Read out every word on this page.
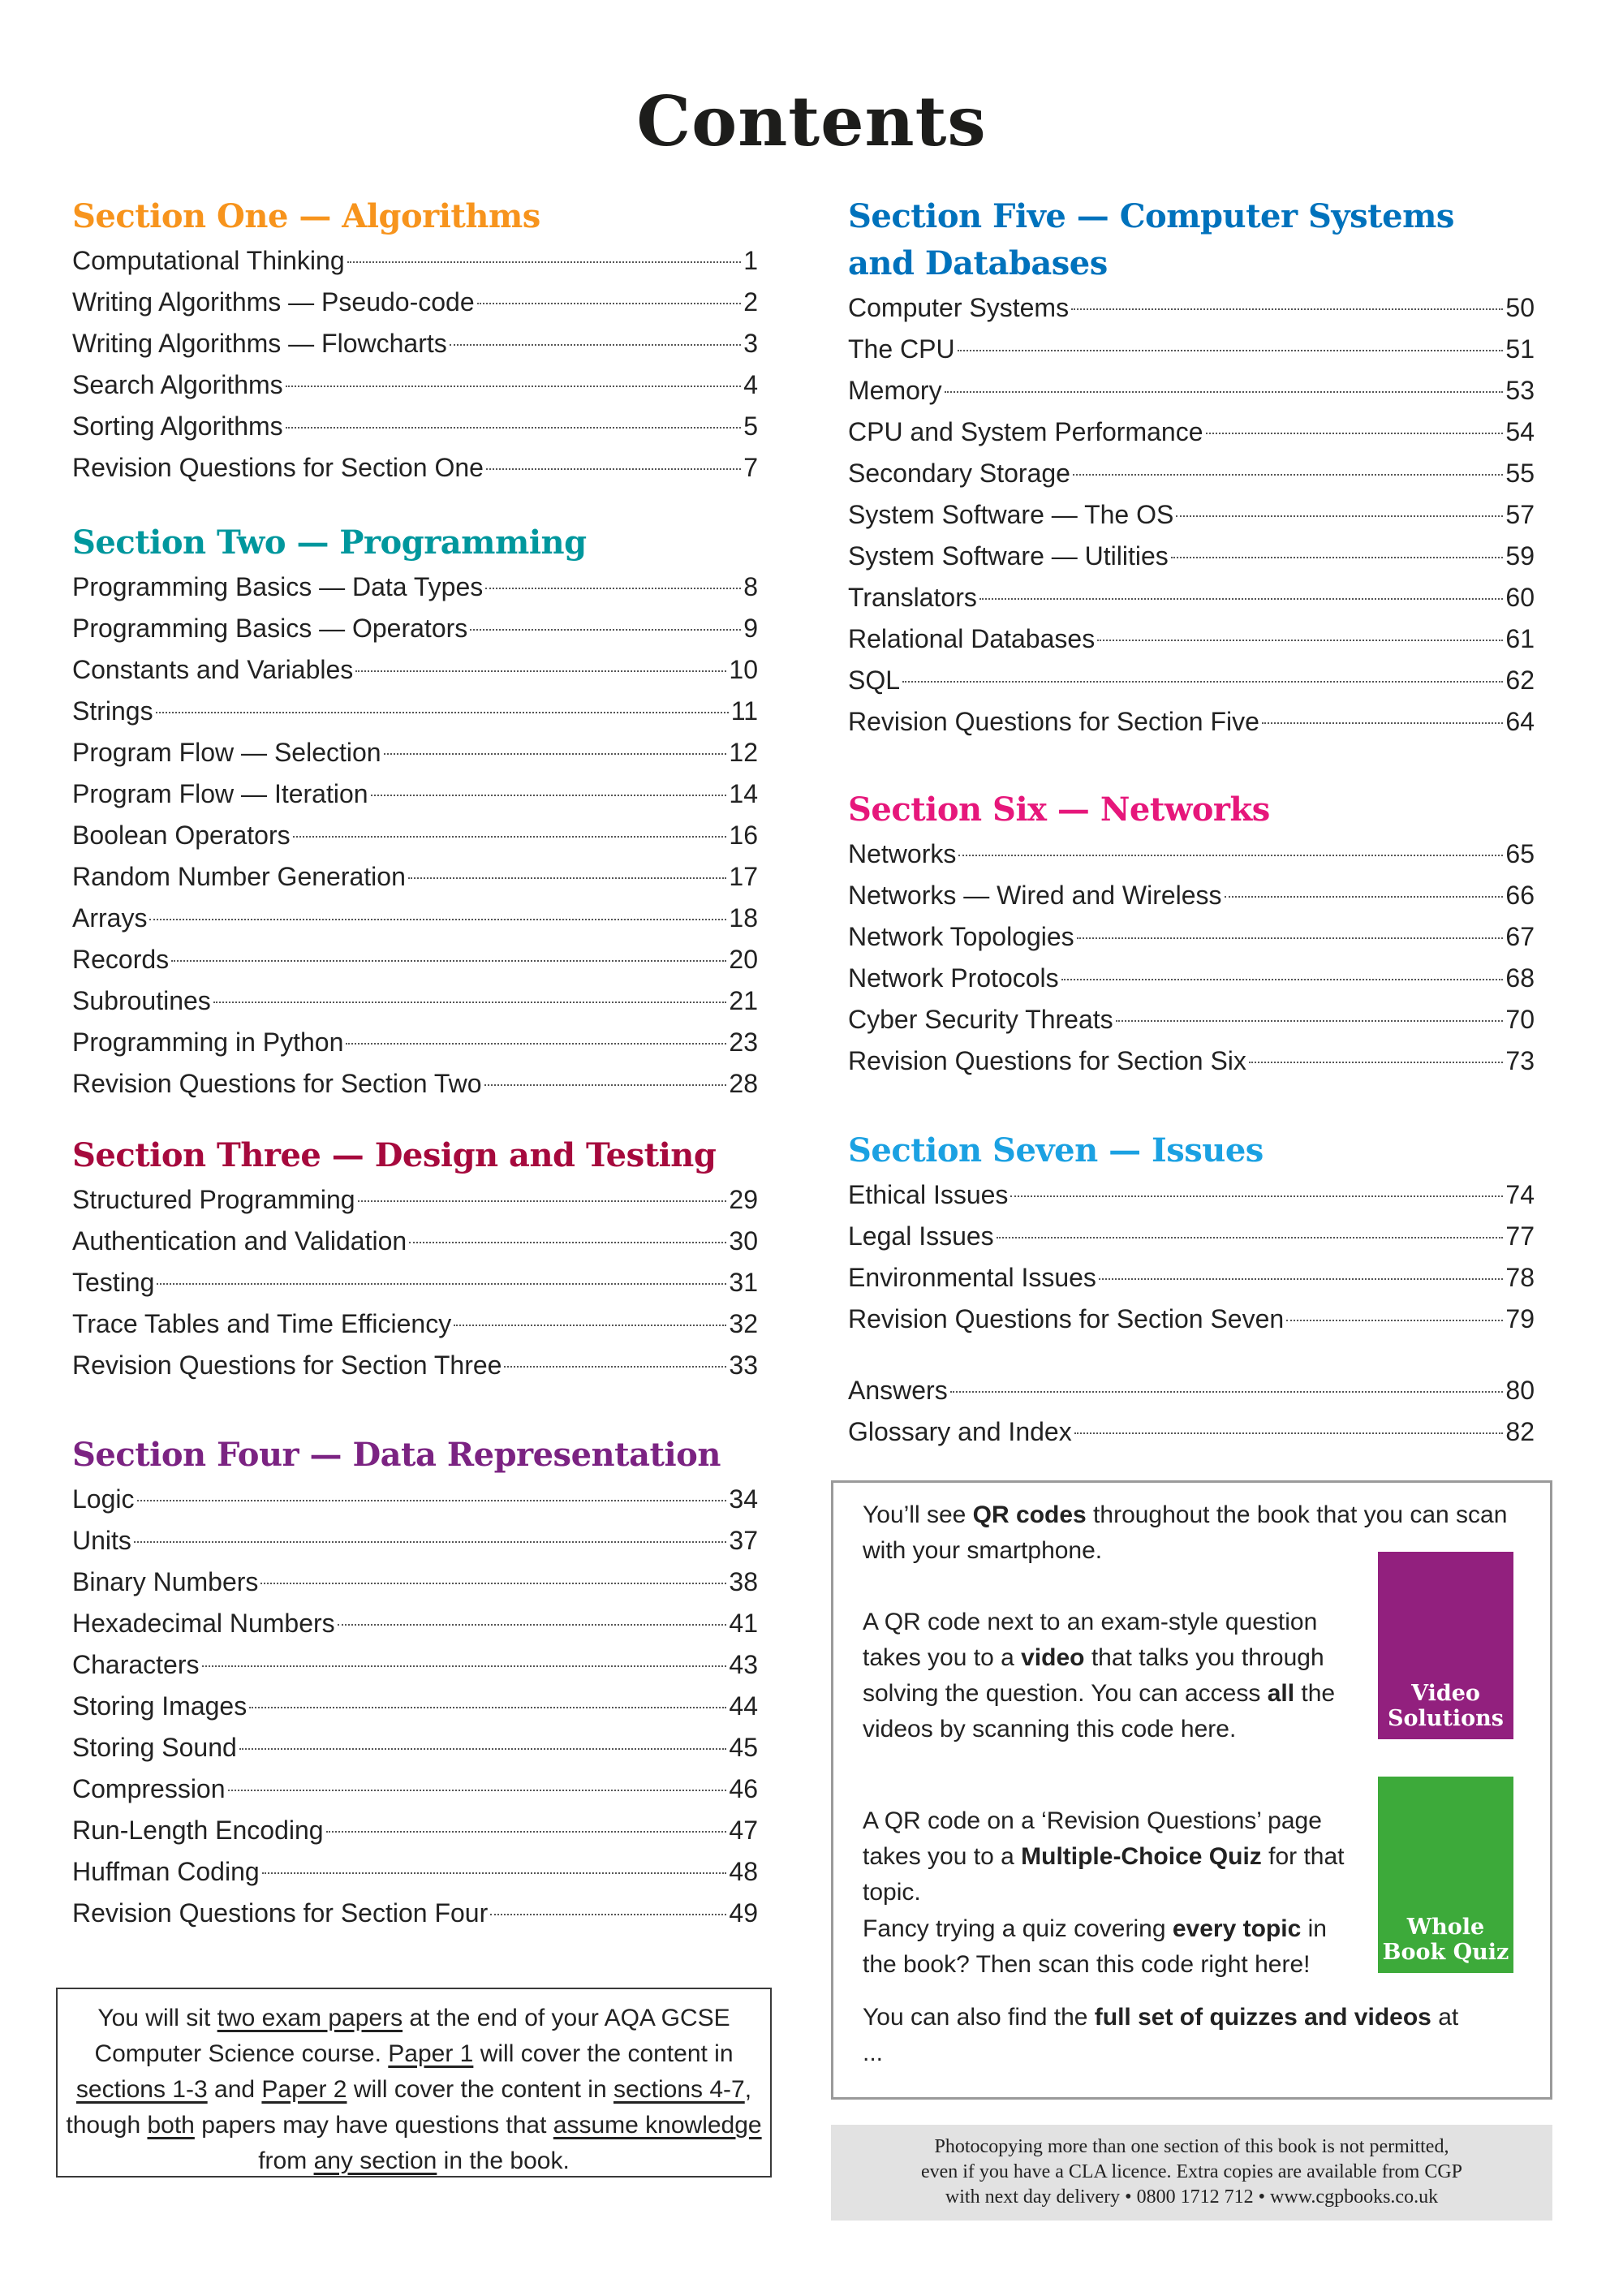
Contents
Section One — Algorithms
Computational Thinking	1
Writing Algorithms — Pseudo-code	2
Writing Algorithms — Flowcharts	3
Search Algorithms	4
Sorting Algorithms	5
Revision Questions for Section One	7
Section Two — Programming
Programming Basics — Data Types	8
Programming Basics — Operators	9
Constants and Variables	10
Strings	11
Program Flow — Selection	12
Program Flow — Iteration	14
Boolean Operators	16
Random Number Generation	17
Arrays	18
Records	20
Subroutines	21
Programming in Python	23
Revision Questions for Section Two	28
Section Three — Design and Testing
Structured Programming	29
Authentication and Validation	30
Testing	31
Trace Tables and Time Efficiency	32
Revision Questions for Section Three	33
Section Four — Data Representation
Logic	34
Units	37
Binary Numbers	38
Hexadecimal Numbers	41
Characters	43
Storing Images	44
Storing Sound	45
Compression	46
Run-Length Encoding	47
Huffman Coding	48
Revision Questions for Section Four	49
Section Five — Computer Systems
and Databases
Computer Systems	50
The CPU	51
Memory	53
CPU and System Performance	54
Secondary Storage	55
System Software — The OS	57
System Software — Utilities	59
Translators	60
Relational Databases	61
SQL	62
Revision Questions for Section Five	64
Section Six — Networks
Networks	65
Networks — Wired and Wireless	66
Network Topologies	67
Network Protocols	68
Cyber Security Threats	70
Revision Questions for Section Six	73
Section Seven — Issues
Ethical Issues	74
Legal Issues	77
Environmental Issues	78
Revision Questions for Section Seven	79
Answers	80
Glossary and Index	82
You will sit two exam papers at the end of your AQA GCSE Computer Science course. Paper 1 will cover the content in sections 1-3 and Paper 2 will cover the content in sections 4-7, though both papers may have questions that assume knowledge from any section in the book.
You’ll see QR codes throughout the book that you can scan with your smartphone.
A QR code next to an exam-style question takes you to a video that talks you through solving the question. You can access all the videos by scanning this code here.
Video
Solutions
A QR code on a ‘Revision Questions’ page takes you to a Multiple-Choice Quiz for that topic.
Fancy trying a quiz covering every topic in the book? Then scan this code right here!
Whole
Book Quiz
You can also find the full set of quizzes and videos at ...
Photocopying more than one section of this book is not permitted,
even if you have a CLA licence. Extra copies are available from CGP
with next day delivery • 0800 1712 712 • www.cgpbooks.co.uk
